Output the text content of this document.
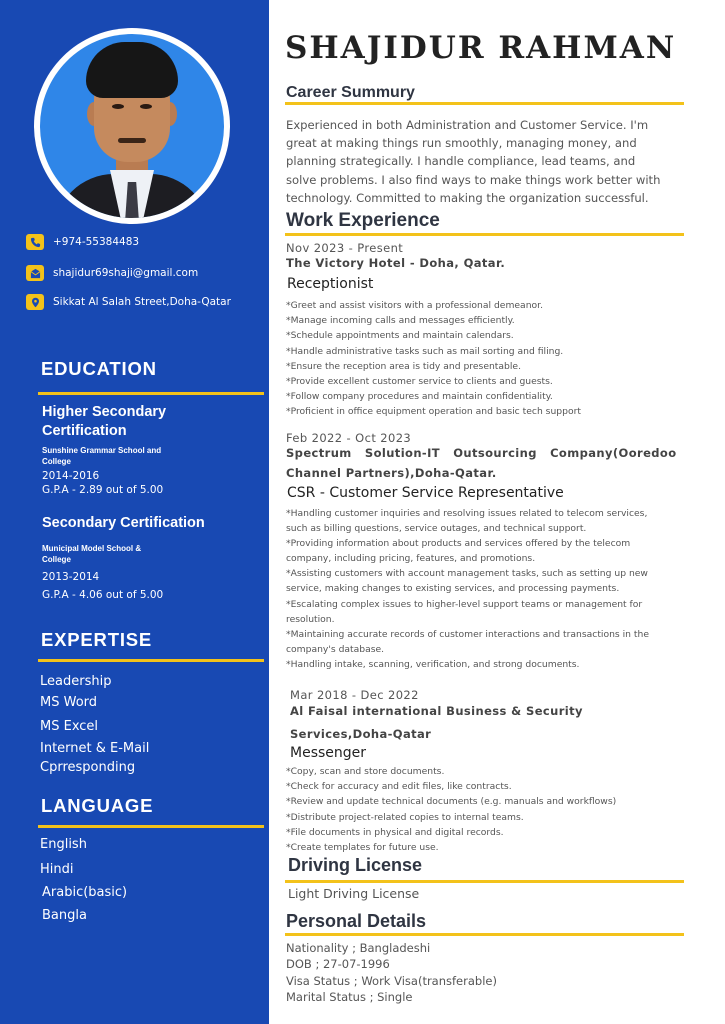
+974-55384483
shajidur69shaji@gmail.com
Sikkat Al Salah Street,Doha-Qatar
EDUCATION
Higher Secondary
Certification
Sunshine Grammar School and
College
2014-2016
G.P.A - 2.89 out of 5.00
Secondary Certification
Municipal Model School &
College
2013-2014
G.P.A - 4.06 out of 5.00
EXPERTISE
Leadership
MS Word
MS Excel
Internet & E-Mail
Cprresponding
LANGUAGE
English
Hindi
Arabic(basic)
Bangla
SHAJIDUR RAHMAN
Career Summury
Experienced in both Administration and Customer Service. I'm
great at making things run smoothly, managing money, and
planning strategically. I handle compliance, lead teams, and
solve problems. I also find ways to make things work better with
technology. Committed to making the organization successful.
Work Experience
Nov 2023 - Present
The Victory Hotel - Doha, Qatar.
Receptionist
*Greet and assist visitors with a professional demeanor.
*Manage incoming calls and messages efficiently.
*Schedule appointments and maintain calendars.
*Handle administrative tasks such as mail sorting and filing.
*Ensure the reception area is tidy and presentable.
*Provide excellent customer service to clients and guests.
*Follow company procedures and maintain confidentiality.
*Proficient in office equipment operation and basic tech support
Feb 2022 - Oct 2023
Spectrum   Solution-IT   Outsourcing   Company(Ooredoo
Channel Partners),Doha-Qatar.
CSR - Customer Service Representative
*Handling customer inquiries and resolving issues related to telecom services,
such as billing questions, service outages, and technical support.
*Providing information about products and services offered by the telecom
company, including pricing, features, and promotions.
*Assisting customers with account management tasks, such as setting up new
service, making changes to existing services, and processing payments.
*Escalating complex issues to higher-level support teams or management for
resolution.
*Maintaining accurate records of customer interactions and transactions in the
company's database.
*Handling intake, scanning, verification, and strong documents.
Mar 2018 - Dec 2022
Al Faisal international Business & Security
Services,Doha-Qatar
Messenger
*Copy, scan and store documents.
*Check for accuracy and edit files, like contracts.
*Review and update technical documents (e.g. manuals and workflows)
*Distribute project-related copies to internal teams.
*File documents in physical and digital records.
*Create templates for future use.
Driving License
Light Driving License
Personal Details
Nationality ; Bangladeshi
DOB ; 27-07-1996
Visa Status ; Work Visa(transferable)
Marital Status ; Single
